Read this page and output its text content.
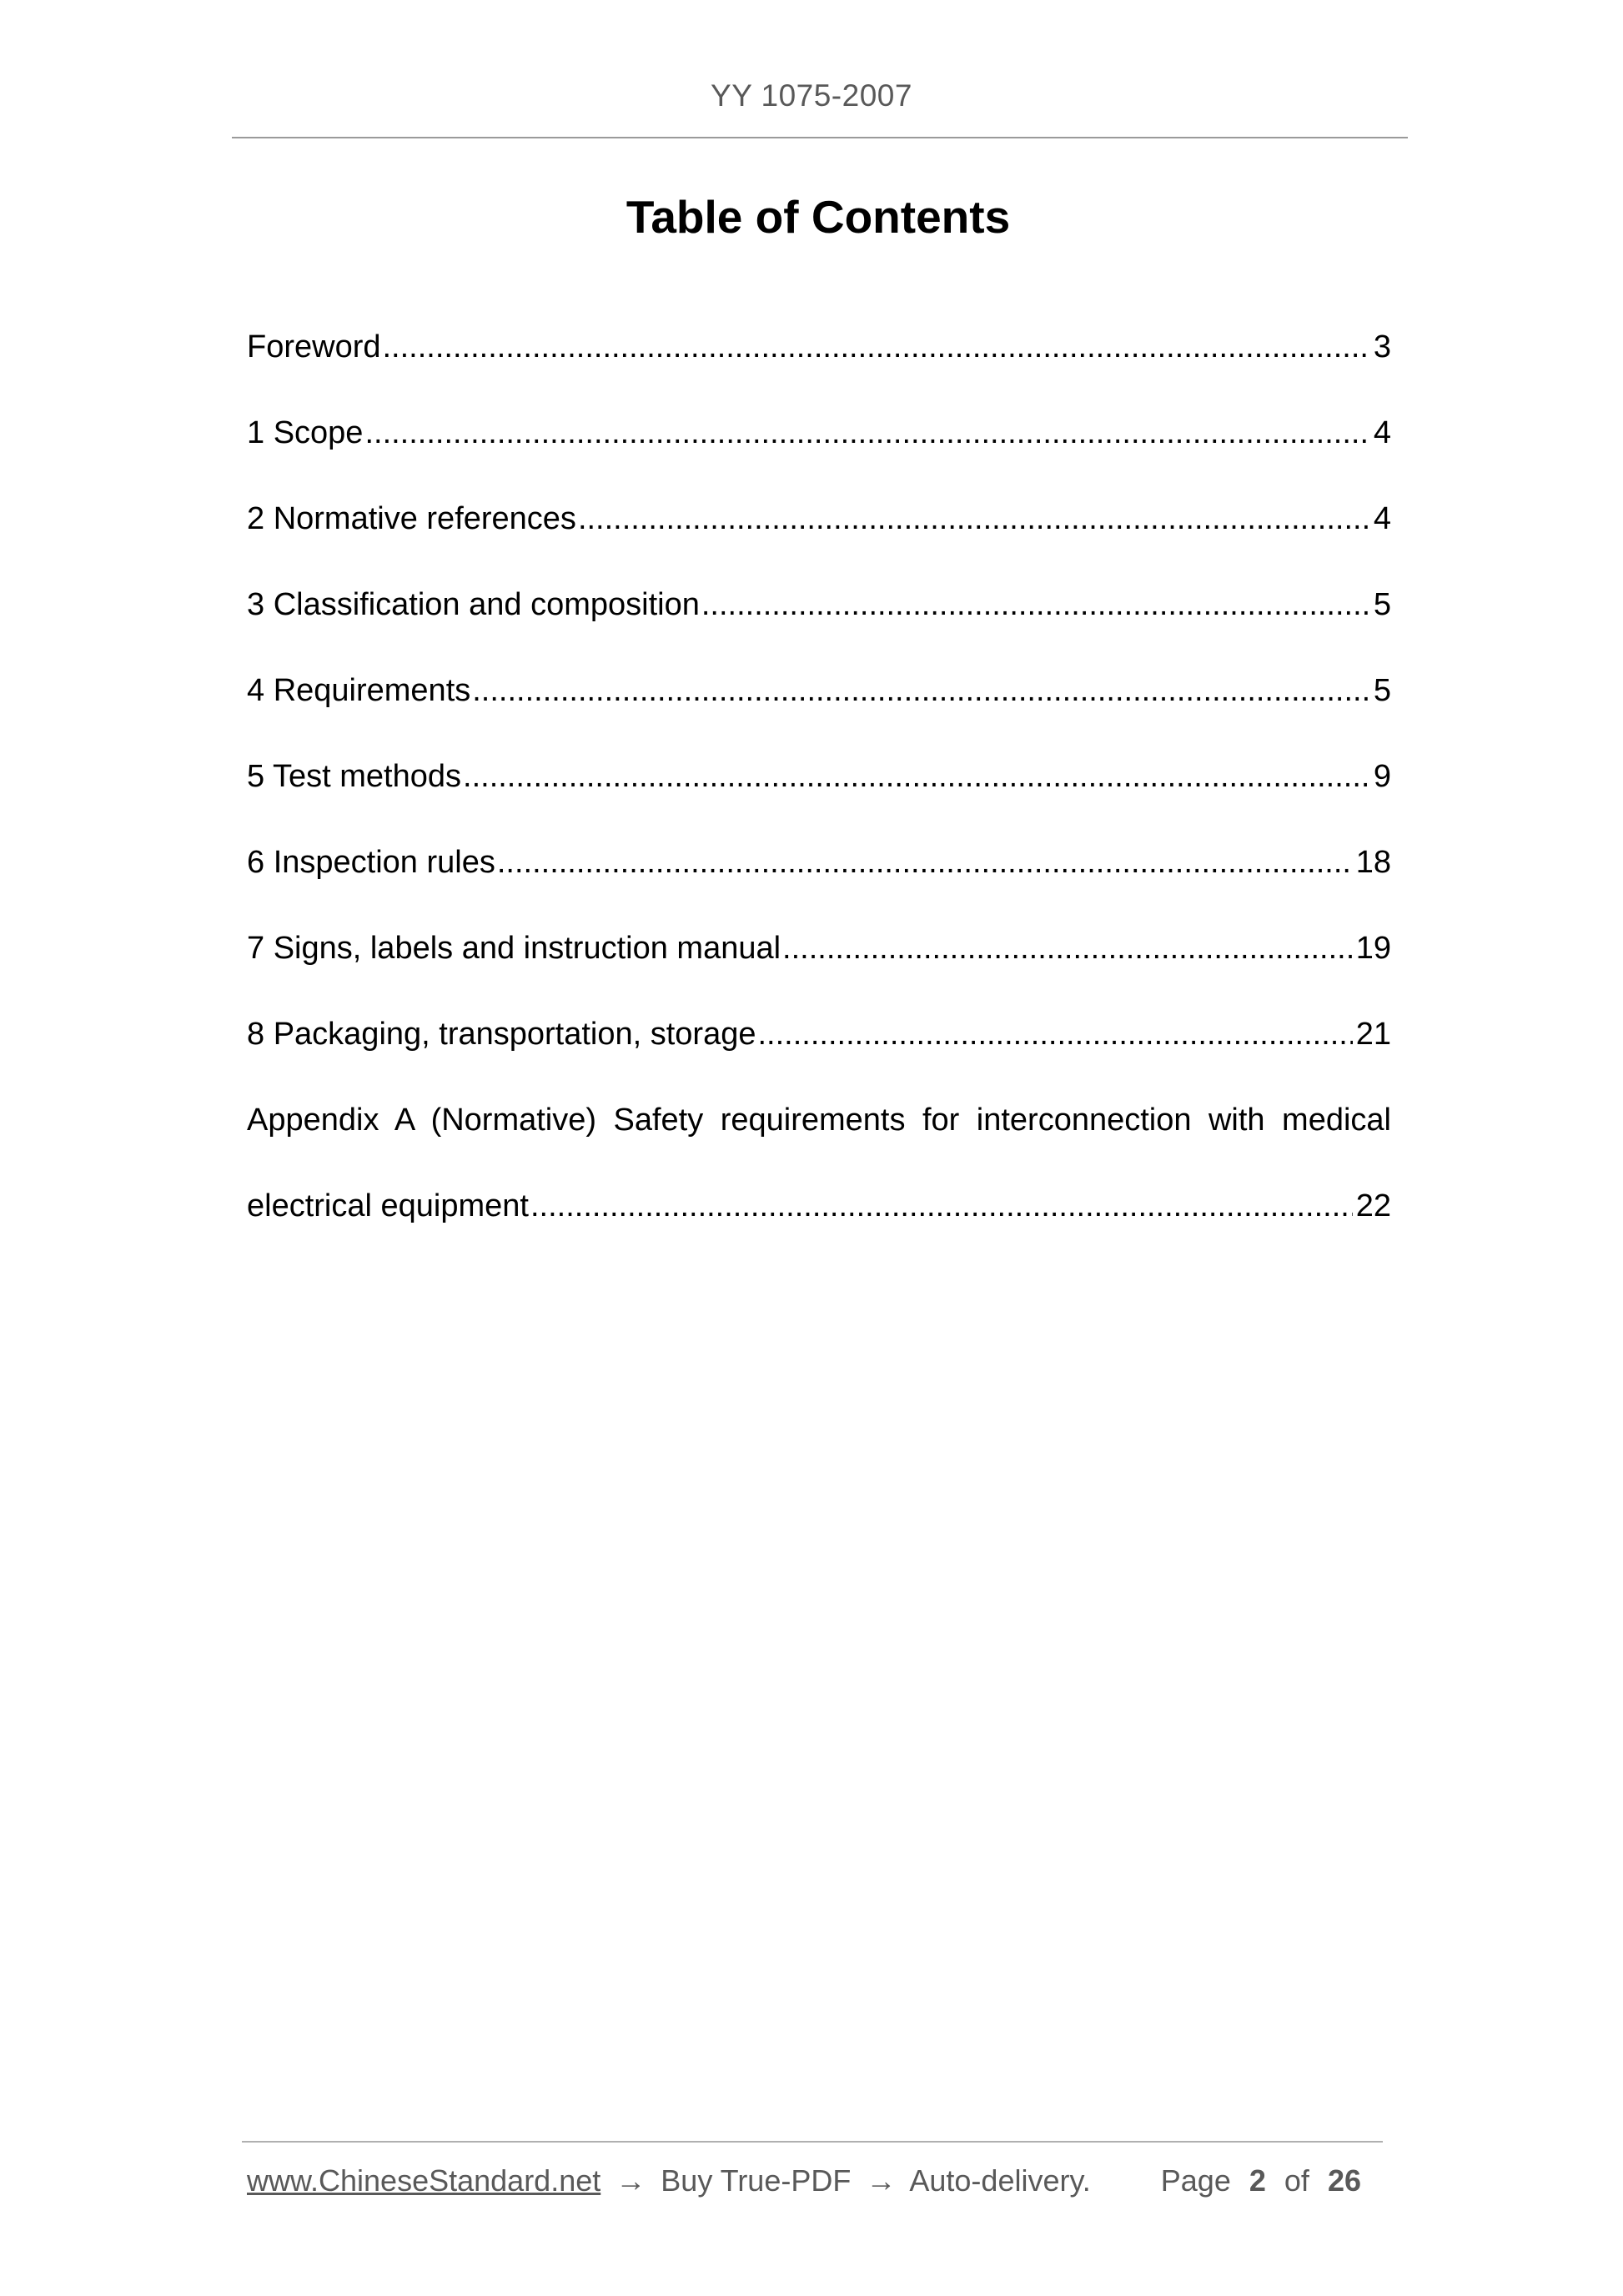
YY 1075-2007
Table of Contents
Foreword .....	3
1 Scope .....	4
2 Normative references .....	4
3 Classification and composition .....	5
4 Requirements .....	5
5 Test methods .....	9
6 Inspection rules .....	18
7 Signs, labels and instruction manual .....	19
8 Packaging, transportation, storage .....	21
Appendix A (Normative) Safety requirements for interconnection with medical
electrical equipment .....	22
www.ChineseStandard.net → Buy True-PDF → Auto-delivery. Page 2 of 26
